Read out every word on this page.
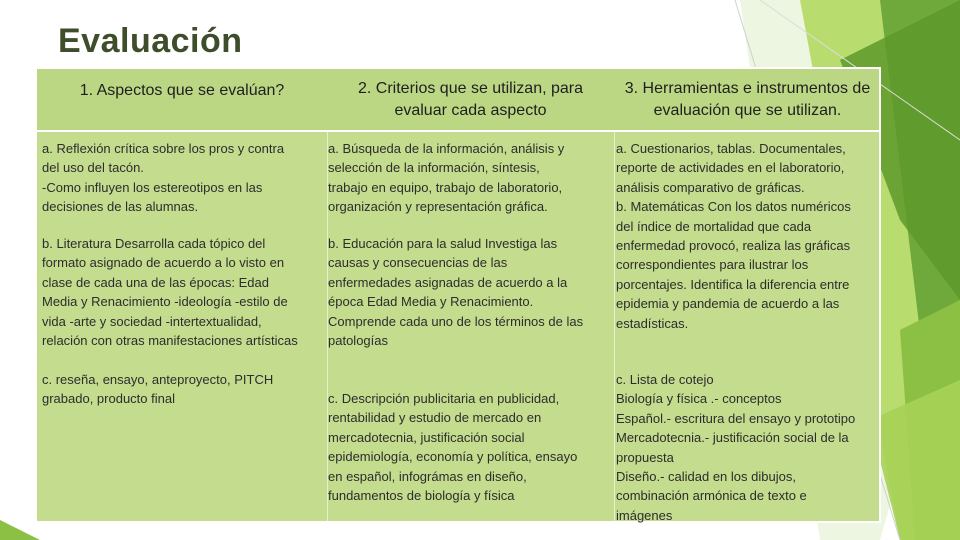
Evaluación
1. Aspectos que se evalúan?	2. Criterios que se utilizan, para evaluar cada aspecto
3. Herramientas e instrumentos de evaluación que se utilizan.
a. Reflexión crítica sobre los pros y contra
del uso del tacón.
-Como influyen los estereotipos en las
decisiones de las alumnas.
b. Literatura Desarrolla cada tópico del
formato asignado de acuerdo a lo visto en
clase de cada una de las épocas: Edad
Media y Renacimiento -ideología -estilo de
vida -arte y sociedad -intertextualidad,
relación con otras manifestaciones artísticas
c. reseña, ensayo, anteproyecto, PITCH
grabado, producto final
a. Búsqueda de la información, análisis y
selección de la información, síntesis,
trabajo en equipo, trabajo de laboratorio,
organización y representación gráfica.
b. Educación para la salud Investiga las
causas y consecuencias de las
enfermedades asignadas de acuerdo a la
época Edad Media y Renacimiento.
Comprende cada uno de los términos de las
patologías
c. Descripción publicitaria en publicidad,
rentabilidad y estudio de mercado en
mercadotecnia, justificación social
epidemiología, economía y política, ensayo
en español, infográmas en diseño,
fundamentos de biología y física
a. Cuestionarios, tablas. Documentales,
reporte de actividades en el laboratorio,
análisis comparativo de gráficas.
b. Matemáticas Con los datos numéricos
del índice de mortalidad que cada
enfermedad provocó, realiza las gráficas
correspondientes para ilustrar los
porcentajes. Identifica la diferencia entre
epidemia y pandemia de acuerdo a las
estadísticas.
c. Lista de cotejo
Biología y física .- conceptos
Español.- escritura del ensayo y prototipo
Mercadotecnia.- justificación social de la
propuesta
Diseño.- calidad en los dibujos,
combinación armónica de texto e
imágenes
